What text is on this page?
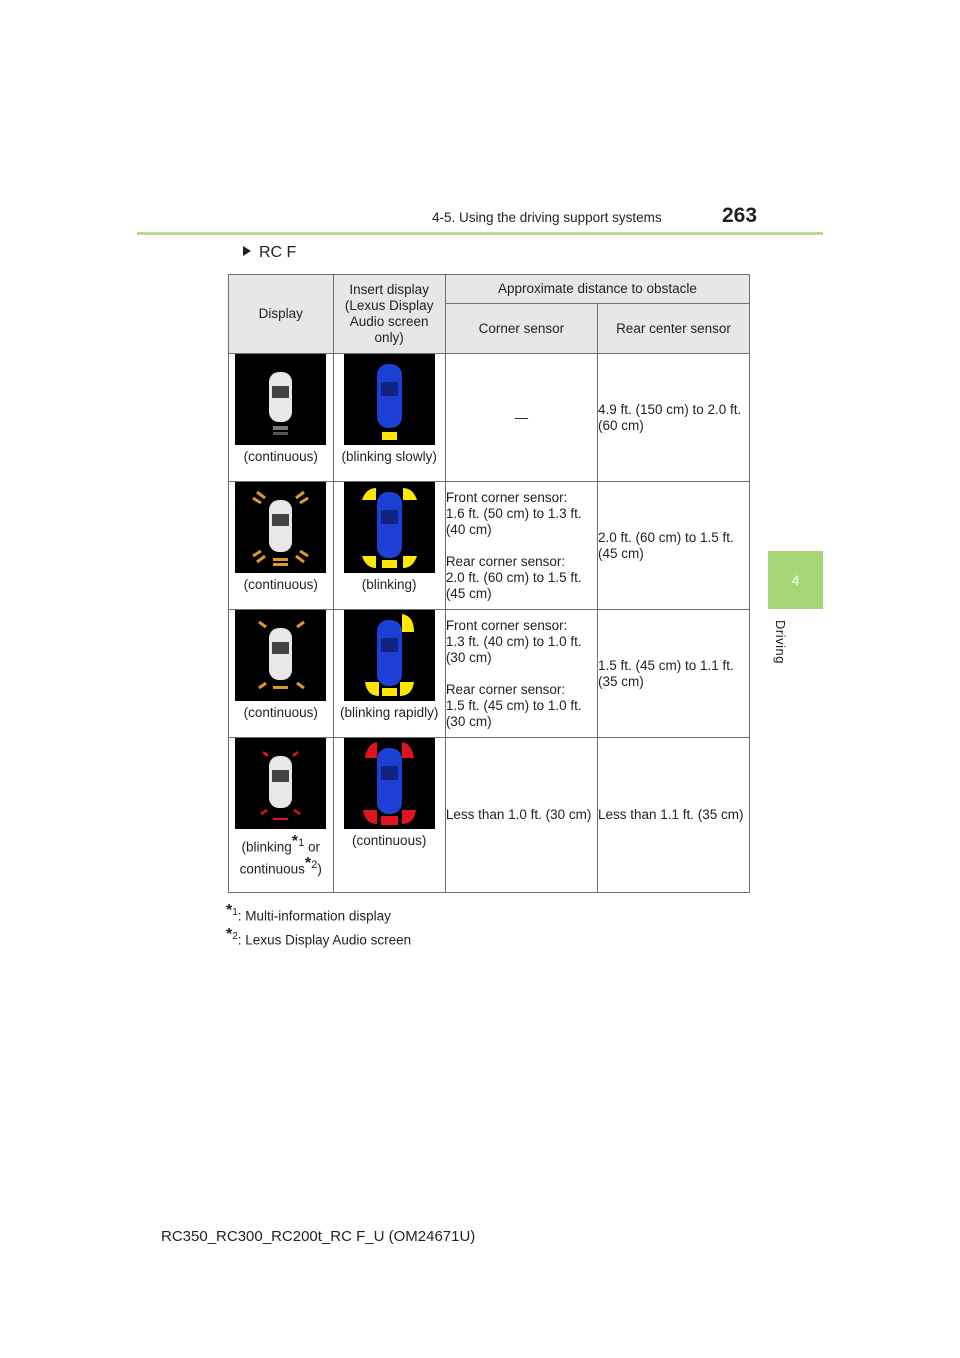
4-5. Using the driving support systems	263
4
Driving
RC F
Display	Insert display (Lexus Display Audio screen only)	Approximate distance to obstacle	
		Corner sensor	Rear center sensor

(continuous)	(blinking slowly)	—	4.9 ft. (150 cm) to 2.0 ft. (60 cm)

(continuous)	(blinking)	Front corner sensor:
1.6 ft. (50 cm) to 1.3 ft. (40 cm)
Rear corner sensor:
2.0 ft. (60 cm) to 1.5 ft. (45 cm)	2.0 ft. (60 cm) to 1.5 ft. (45 cm)

(continuous)	(blinking rapidly)	Front corner sensor:
1.3 ft. (40 cm) to 1.0 ft. (30 cm)
Rear corner sensor:
1.5 ft. (45 cm) to 1.0 ft. (30 cm)	1.5 ft. (45 cm) to 1.1 ft. (35 cm)

(blinking$^{*1}$ or
continuous$^{*2}$)	(continuous)	Less than 1.0 ft. (30 cm)	Less than 1.1 ft. (35 cm)
$^{*1}$: Multi-information display
$^{*2}$: Lexus Display Audio screen
RC350_RC300_RC200t_RC F_U (OM24671U)
